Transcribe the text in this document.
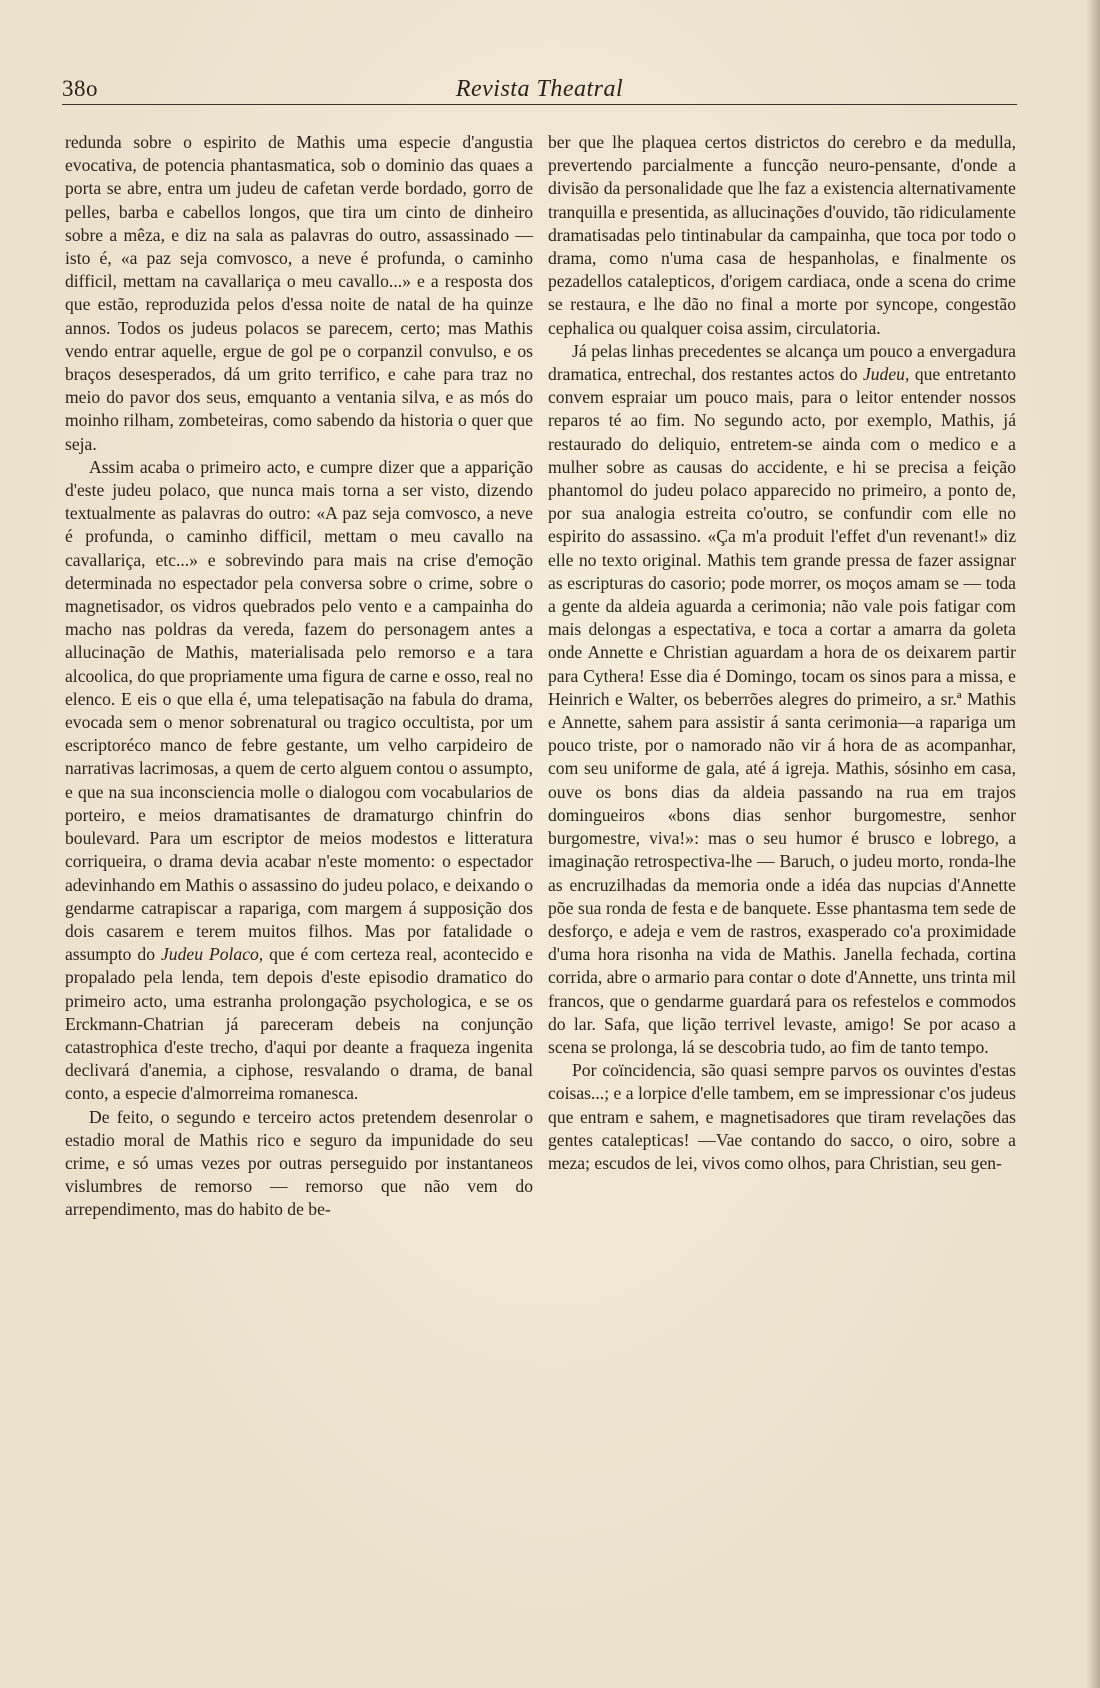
38o	Revista Theatral

redunda sobre o espirito de Mathis uma especie d'angustia evocativa, de potencia phantasmatica, sob o dominio das quaes a porta se abre, entra um judeu de cafetan verde bordado, gorro de pelles, barba e cabellos longos, que tira um cinto de dinheiro sobre a mêza, e diz na sala as palavras do outro, assassinado — isto é, «a paz seja comvosco, a neve é profunda, o caminho difficil, mettam na cavallariça o meu cavallo...» e a resposta dos que estão, reproduzida pelos d'essa noite de natal de ha quinze annos. Todos os judeus polacos se parecem, certo; mas Mathis vendo entrar aquelle, ergue de gol pe o corpanzil convulso, e os braços desesperados, dá um grito terrifico, e cahe para traz no meio do pavor dos seus, emquanto a ventania silva, e as mós do moinho rilham, zombeteiras, como sabendo da historia o quer que seja.

Assim acaba o primeiro acto, e cumpre dizer que a apparição d'este judeu polaco, que nunca mais torna a ser visto, dizendo textualmente as palavras do outro: «A paz seja comvosco, a neve é profunda, o caminho difficil, mettam o meu cavallo na cavallariça, etc...» e sobrevindo para mais na crise d'emoção determinada no espectador pela conversa sobre o crime, sobre o magnetisador, os vidros quebrados pelo vento e a campainha do macho nas poldras da vereda, fazem do personagem antes a allucinação de Mathis, materialisada pelo remorso e a tara alcoolica, do que propriamente uma figura de carne e osso, real no elenco. E eis o que ella é, uma telepatisação na fabula do drama, evocada sem o menor sobrenatural ou tragico occultista, por um escriptoréco manco de febre gestante, um velho carpideiro de narrativas lacrimosas, a quem de certo alguem contou o assumpto, e que na sua inconsciencia molle o dialogou com vocabularios de porteiro, e meios dramatisantes de dramaturgo chinfrin do boulevard. Para um escriptor de meios modestos e litteratura corriqueira, o drama devia acabar n'este momento: o espectador adevinhando em Mathis o assassino do judeu polaco, e deixando o gendarme catrapiscar a rapariga, com margem á supposição dos dois casarem e terem muitos filhos. Mas por fatalidade o assumpto do Judeu Polaco, que é com certeza real, acontecido e propalado pela lenda, tem depois d'este episodio dramatico do primeiro acto, uma estranha prolongação psychologica, e se os Erckmann-Chatrian já pareceram debeis na conjunção catastrophica d'este trecho, d'aqui por deante a fraqueza ingenita declivará d'anemia, a ciphose, resvalando o drama, de banal conto, a especie d'almorreima romanesca.

De feito, o segundo e terceiro actos pretendem desenrolar o estadio moral de Mathis rico e seguro da impunidade do seu crime, e só umas vezes por outras perseguido por instantaneos vislumbres de remorso — remorso que não vem do arrependimento, mas do habito de be-

ber que lhe plaquea certos districtos do cerebro e da medulla, prevertendo parcialmente a funcção neuro-pensante, d'onde a divisão da personalidade que lhe faz a existencia alternativamente tranquilla e presentida, as allucinações d'ouvido, tão ridiculamente dramatisadas pelo tintinabular da campainha, que toca por todo o drama, como n'uma casa de hespanholas, e finalmente os pezadellos catalepticos, d'origem cardiaca, onde a scena do crime se restaura, e lhe dão no final a morte por syncope, congestão cephalica ou qualquer coisa assim, circulatoria.

Já pelas linhas precedentes se alcança um pouco a envergadura dramatica, entrechal, dos restantes actos do Judeu, que entretanto convem espraiar um pouco mais, para o leitor entender nossos reparos té ao fim. No segundo acto, por exemplo, Mathis, já restaurado do deliquio, entretem-se ainda com o medico e a mulher sobre as causas do accidente, e hi se precisa a feição phantomol do judeu polaco apparecido no primeiro, a ponto de, por sua analogia estreita co'outro, se confundir com elle no espirito do assassino. «Ça m'a produit l'effet d'un revenant!» diz elle no texto original. Mathis tem grande pressa de fazer assignar as escripturas do casorio; pode morrer, os moços amam se — toda a gente da aldeia aguarda a cerimonia; não vale pois fatigar com mais delongas a espectativa, e toca a cortar a amarra da goleta onde Annette e Christian aguardam a hora de os deixarem partir para Cythera! Esse dia é Domingo, tocam os sinos para a missa, e Heinrich e Walter, os beberrões alegres do primeiro, a sr.ª Mathis e Annette, sahem para assistir á santa cerimonia—a rapariga um pouco triste, por o namorado não vir á hora de as acompanhar, com seu uniforme de gala, até á igreja. Mathis, sósinho em casa, ouve os bons dias da aldeia passando na rua em trajos domingueiros «bons dias senhor burgomestre, senhor burgomestre, viva!»: mas o seu humor é brusco e lobrego, a imaginação retrospectiva-lhe — Baruch, o judeu morto, ronda-lhe as encruzilhadas da memoria onde a idéa das nupcias d'Annette põe sua ronda de festa e de banquete. Esse phantasma tem sede de desforço, e adeja e vem de rastros, exasperado co'a proximidade d'uma hora risonha na vida de Mathis. Janella fechada, cortina corrida, abre o armario para contar o dote d'Annette, uns trinta mil francos, que o gendarme guardará para os refestelos e commodos do lar. Safa, que lição terrivel levaste, amigo! Se por acaso a scena se prolonga, lá se descobria tudo, ao fim de tanto tempo.

Por coïncidencia, são quasi sempre parvos os ouvintes d'estas coisas...; e a lorpice d'elle tambem, em se impressionar c'os judeus que entram e sahem, e magnetisadores que tiram revelações das gentes catalepticas! —Vae contando do sacco, o oiro, sobre a meza; escudos de lei, vivos como olhos, para Christian, seu gen-
